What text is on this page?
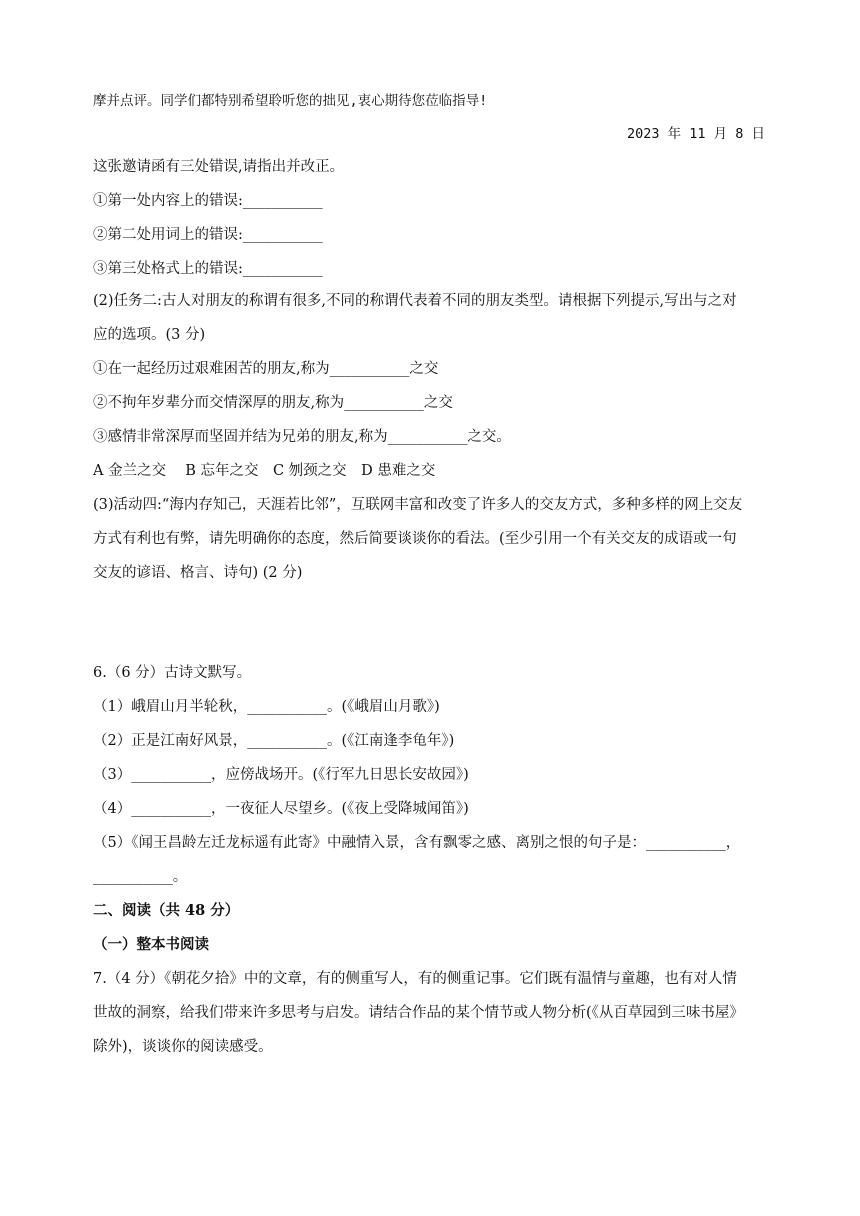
摩并点评。同学们都特别希望聆听您的拙见,衷心期待您莅临指导!
2023 年 11 月 8 日
这张邀请函有三处错误,请指出并改正。
①第一处内容上的错误:___________
②第二处用词上的错误:___________
③第三处格式上的错误:___________
(2)任务二:古人对朋友的称谓有很多,不同的称谓代表着不同的朋友类型。请根据下列提示,写出与之对
应的选项。(3 分)
①在一起经历过艰难困苦的朋友,称为___________之交
②不拘年岁辈分而交情深厚的朋友,称为___________之交
③感情非常深厚而坚固并结为兄弟的朋友,称为___________之交。
A 金兰之交　 B 忘年之交　C 刎颈之交　D 患难之交
(3)活动四:“海内存知己，天涯若比邻”，互联网丰富和改变了许多人的交友方式，多种多样的网上交友
方式有利也有弊，请先明确你的态度，然后简要谈谈你的看法。(至少引用一个有关交友的成语或一句
交友的谚语、格言、诗句) (2 分)
6.（6 分）古诗文默写。
（1）峨眉山月半轮秋，___________。(《峨眉山月歌》)
（2）正是江南好风景，___________。(《江南逢李龟年》)
（3）___________，应傍战场开。(《行军九日思长安故园》)
（4）___________，一夜征人尽望乡。(《夜上受降城闻笛》)
（5）《闻王昌龄左迁龙标遥有此寄》中融情入景，含有飘零之感、离别之恨的句子是：___________，
___________。
二、阅读（共 48 分）
（一）整本书阅读
7.（4 分）《朝花夕拾》中的文章，有的侧重写人，有的侧重记事。它们既有温情与童趣，也有对人情
世故的洞察，给我们带来许多思考与启发。请结合作品的某个情节或人物分析(《从百草园到三味书屋》
除外)，谈谈你的阅读感受。
